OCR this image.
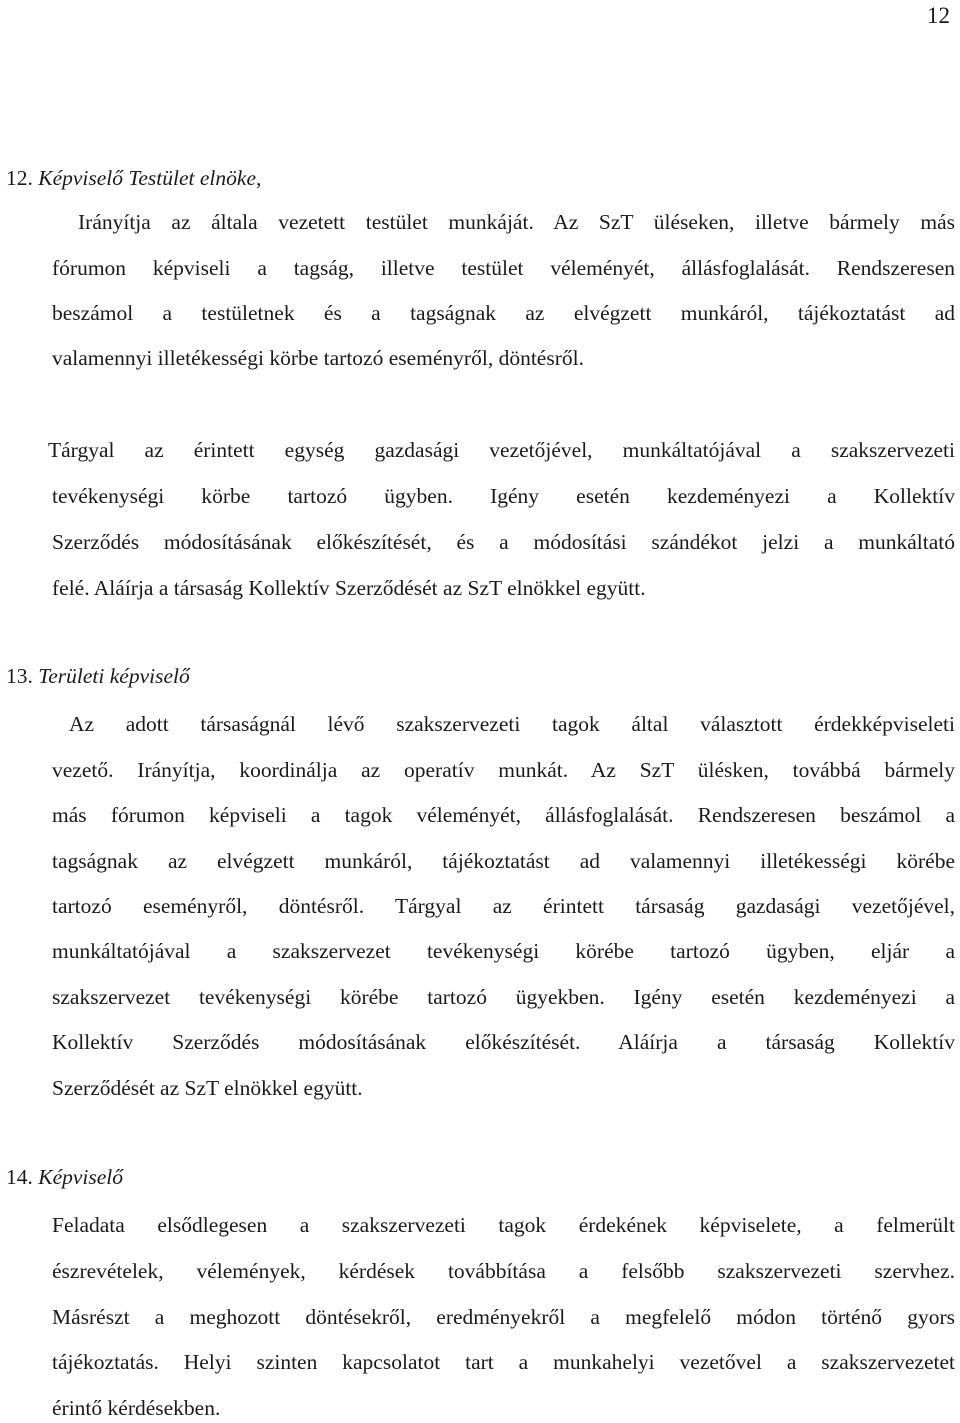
12
12. Képviselő Testület elnöke,
Irányítja az általa vezetett testület munkáját. Az SzT üléseken, illetve bármely más
fórumon képviseli a tagság, illetve testület véleményét, állásfoglalását. Rendszeresen
beszámol a testületnek és a tagságnak az elvégzett munkáról, tájékoztatást ad
valamennyi illetékességi körbe tartozó eseményről, döntésről.
Tárgyal az érintett egység gazdasági vezetőjével, munkáltatójával a szakszervezeti
tevékenységi körbe tartozó ügyben. Igény esetén kezdeményezi a Kollektív
Szerződés módosításának előkészítését, és a módosítási szándékot jelzi a munkáltató
felé. Aláírja a társaság Kollektív Szerződését az SzT elnökkel együtt.
13. Területi képviselő
Az adott társaságnál lévő szakszervezeti tagok által választott érdekképviseleti
vezető. Irányítja, koordinálja az operatív munkát. Az SzT ülésken, továbbá bármely
más fórumon képviseli a tagok véleményét, állásfoglalását. Rendszeresen beszámol a
tagságnak az elvégzett munkáról, tájékoztatást ad valamennyi illetékességi körébe
tartozó eseményről, döntésről. Tárgyal az érintett társaság gazdasági vezetőjével,
munkáltatójával a szakszervezet tevékenységi körébe tartozó ügyben, eljár a
szakszervezet tevékenységi körébe tartozó ügyekben. Igény esetén kezdeményezi a
Kollektív Szerződés módosításának előkészítését. Aláírja a társaság Kollektív
Szerződését az SzT elnökkel együtt.
14. Képviselő
Feladata elsődlegesen a szakszervezeti tagok érdekének képviselete, a felmerült
észrevételek, vélemények, kérdések továbbítása a felsőbb szakszervezeti szervhez.
Másrészt a meghozott döntésekről, eredményekről a megfelelő módon történő gyors
tájékoztatás. Helyi szinten kapcsolatot tart a munkahelyi vezetővel a szakszervezetet
érintő kérdésekben.
